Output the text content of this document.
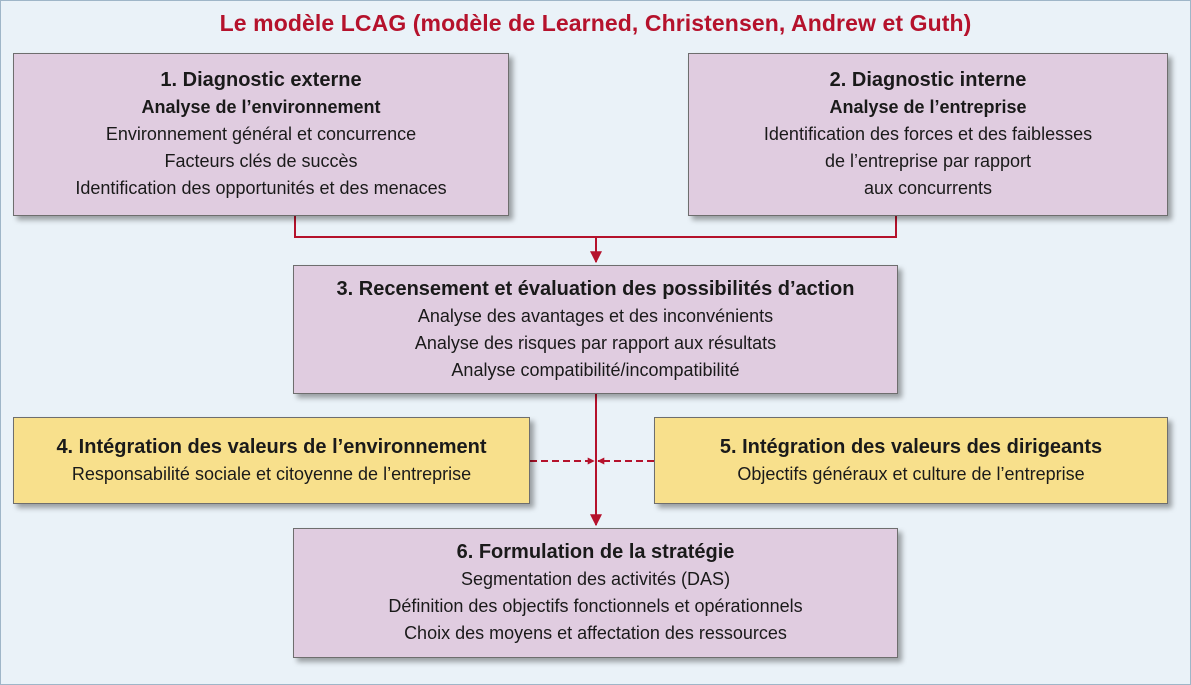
Le modèle LCAG (modèle de Learned, Christensen, Andrew et Guth)
1. Diagnostic externe
Analyse de l’environnement
Environnement général et concurrence
Facteurs clés de succès
Identification des opportunités et des menaces
2. Diagnostic interne
Analyse de l’entreprise
Identification des forces et des faiblesses
de l’entreprise par rapport
aux concurrents
3. Recensement et évaluation des possibilités d’action
Analyse des avantages et des inconvénients
Analyse des risques par rapport aux résultats
Analyse compatibilité/incompatibilité
4. Intégration des valeurs de l’environnement
Responsabilité sociale et citoyenne de l’entreprise
5. Intégration des valeurs des dirigeants
Objectifs généraux et culture de l’entreprise
6. Formulation de la stratégie
Segmentation des activités (DAS)
Définition des objectifs fonctionnels et opérationnels
Choix des moyens et affectation des ressources
